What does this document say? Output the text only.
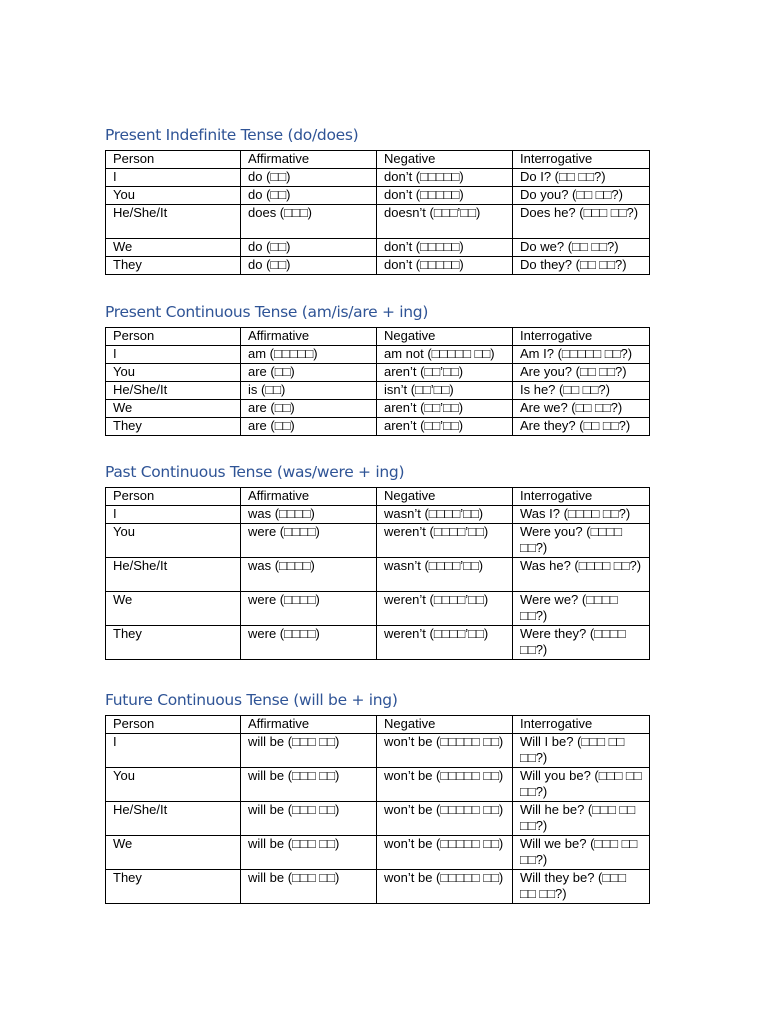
Present Indefinite Tense (do/does)
Person	Affirmative	Negative	Interrogative
I	do (□□)	don’t (□□□□□)	Do I? (□□ □□?)
You	do (□□)	don’t (□□□□□)	Do you? (□□ □□?)
He/She/It	does (□□□)	doesn’t (□□□’□□)	Does he? (□□□ □□?)
We	do (□□)	don’t (□□□□□)	Do we? (□□ □□?)
They	do (□□)	don’t (□□□□□)	Do they? (□□ □□?)
Present Continuous Tense (am/is/are + ing)
Person	Affirmative	Negative	Interrogative
I	am (□□□□□)	am not (□□□□□ □□)	Am I? (□□□□□ □□?)
You	are (□□)	aren’t (□□’□□)	Are you? (□□ □□?)
He/She/It	is (□□)	isn’t (□□’□□)	Is he? (□□ □□?)
We	are (□□)	aren’t (□□’□□)	Are we? (□□ □□?)
They	are (□□)	aren’t (□□’□□)	Are they? (□□ □□?)
Past Continuous Tense (was/were + ing)
Person	Affirmative	Negative	Interrogative
I	was (□□□□)	wasn’t (□□□□’□□)	Was I? (□□□□ □□?)
You	were (□□□□)	weren’t (□□□□’□□)	Were you? (□□□□ □□?)
He/She/It	was (□□□□)	wasn’t (□□□□’□□)	Was he? (□□□□ □□?)
We	were (□□□□)	weren’t (□□□□’□□)	Were we? (□□□□ □□?)
They	were (□□□□)	weren’t (□□□□’□□)	Were they? (□□□□ □□?)
Future Continuous Tense (will be + ing)
Person	Affirmative	Negative	Interrogative
I	will be (□□□ □□)	won’t be (□□□□□ □□)	Will I be? (□□□ □□ □□?)
You	will be (□□□ □□)	won’t be (□□□□□ □□)	Will you be? (□□□ □□ □□?)
He/She/It	will be (□□□ □□)	won’t be (□□□□□ □□)	Will he be? (□□□ □□ □□?)
We	will be (□□□ □□)	won’t be (□□□□□ □□)	Will we be? (□□□ □□ □□?)
They	will be (□□□ □□)	won’t be (□□□□□ □□)	Will they be? (□□□ □□ □□?)
